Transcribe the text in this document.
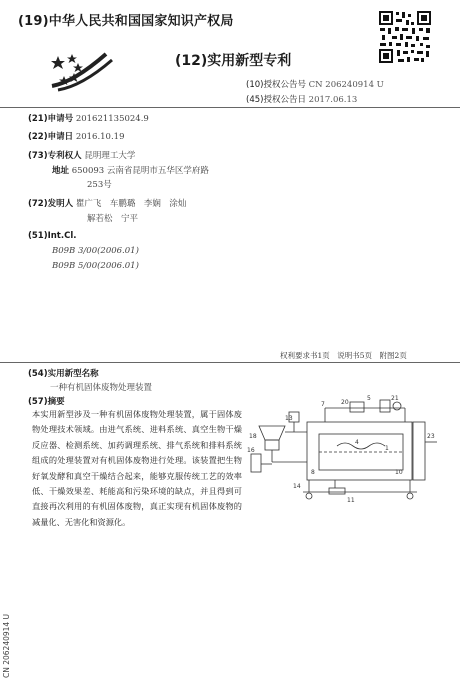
(19)中华人民共和国国家知识产权局
(12)实用新型专利
(10)授权公告号 CN 206240914 U
(45)授权公告日 2017.06.13
(21)申请号 201621135024.9
(22)申请日 2016.10.19
(73)专利权人 昆明理工大学
地址 650093 云南省昆明市五华区学府路
253号
(72)发明人 瞿广飞　车鹏璐　李娴　涂灿
解若松　宁平
(51)Int.Cl.
B09B 3/00(2006.01)
B09B 5/00(2006.01)
权利要求书1页　说明书5页　附图2页
(54)实用新型名称
一种有机固体废物处理装置
(57)摘要
本实用新型涉及一种有机固体废物处理装置，属于固体废物处理技术领域。由进气系统、进料系统、真空生物干燥反应器、检测系统、加药调理系统、排气系统和排料系统组成的处理装置对有机固体废物进行处理。该装置把生物好氧发酵和真空干燥结合起来，能够克服传统工艺的效率低、干燥效果差、耗能高和污染环境的缺点，并且得到可直接再次利用的有机固体废物，真正实现有机固体废物的减量化、无害化和资源化。
18
16
13
7	20
5	21
23
4
1
8	10
11
14
CN 206240914 U
